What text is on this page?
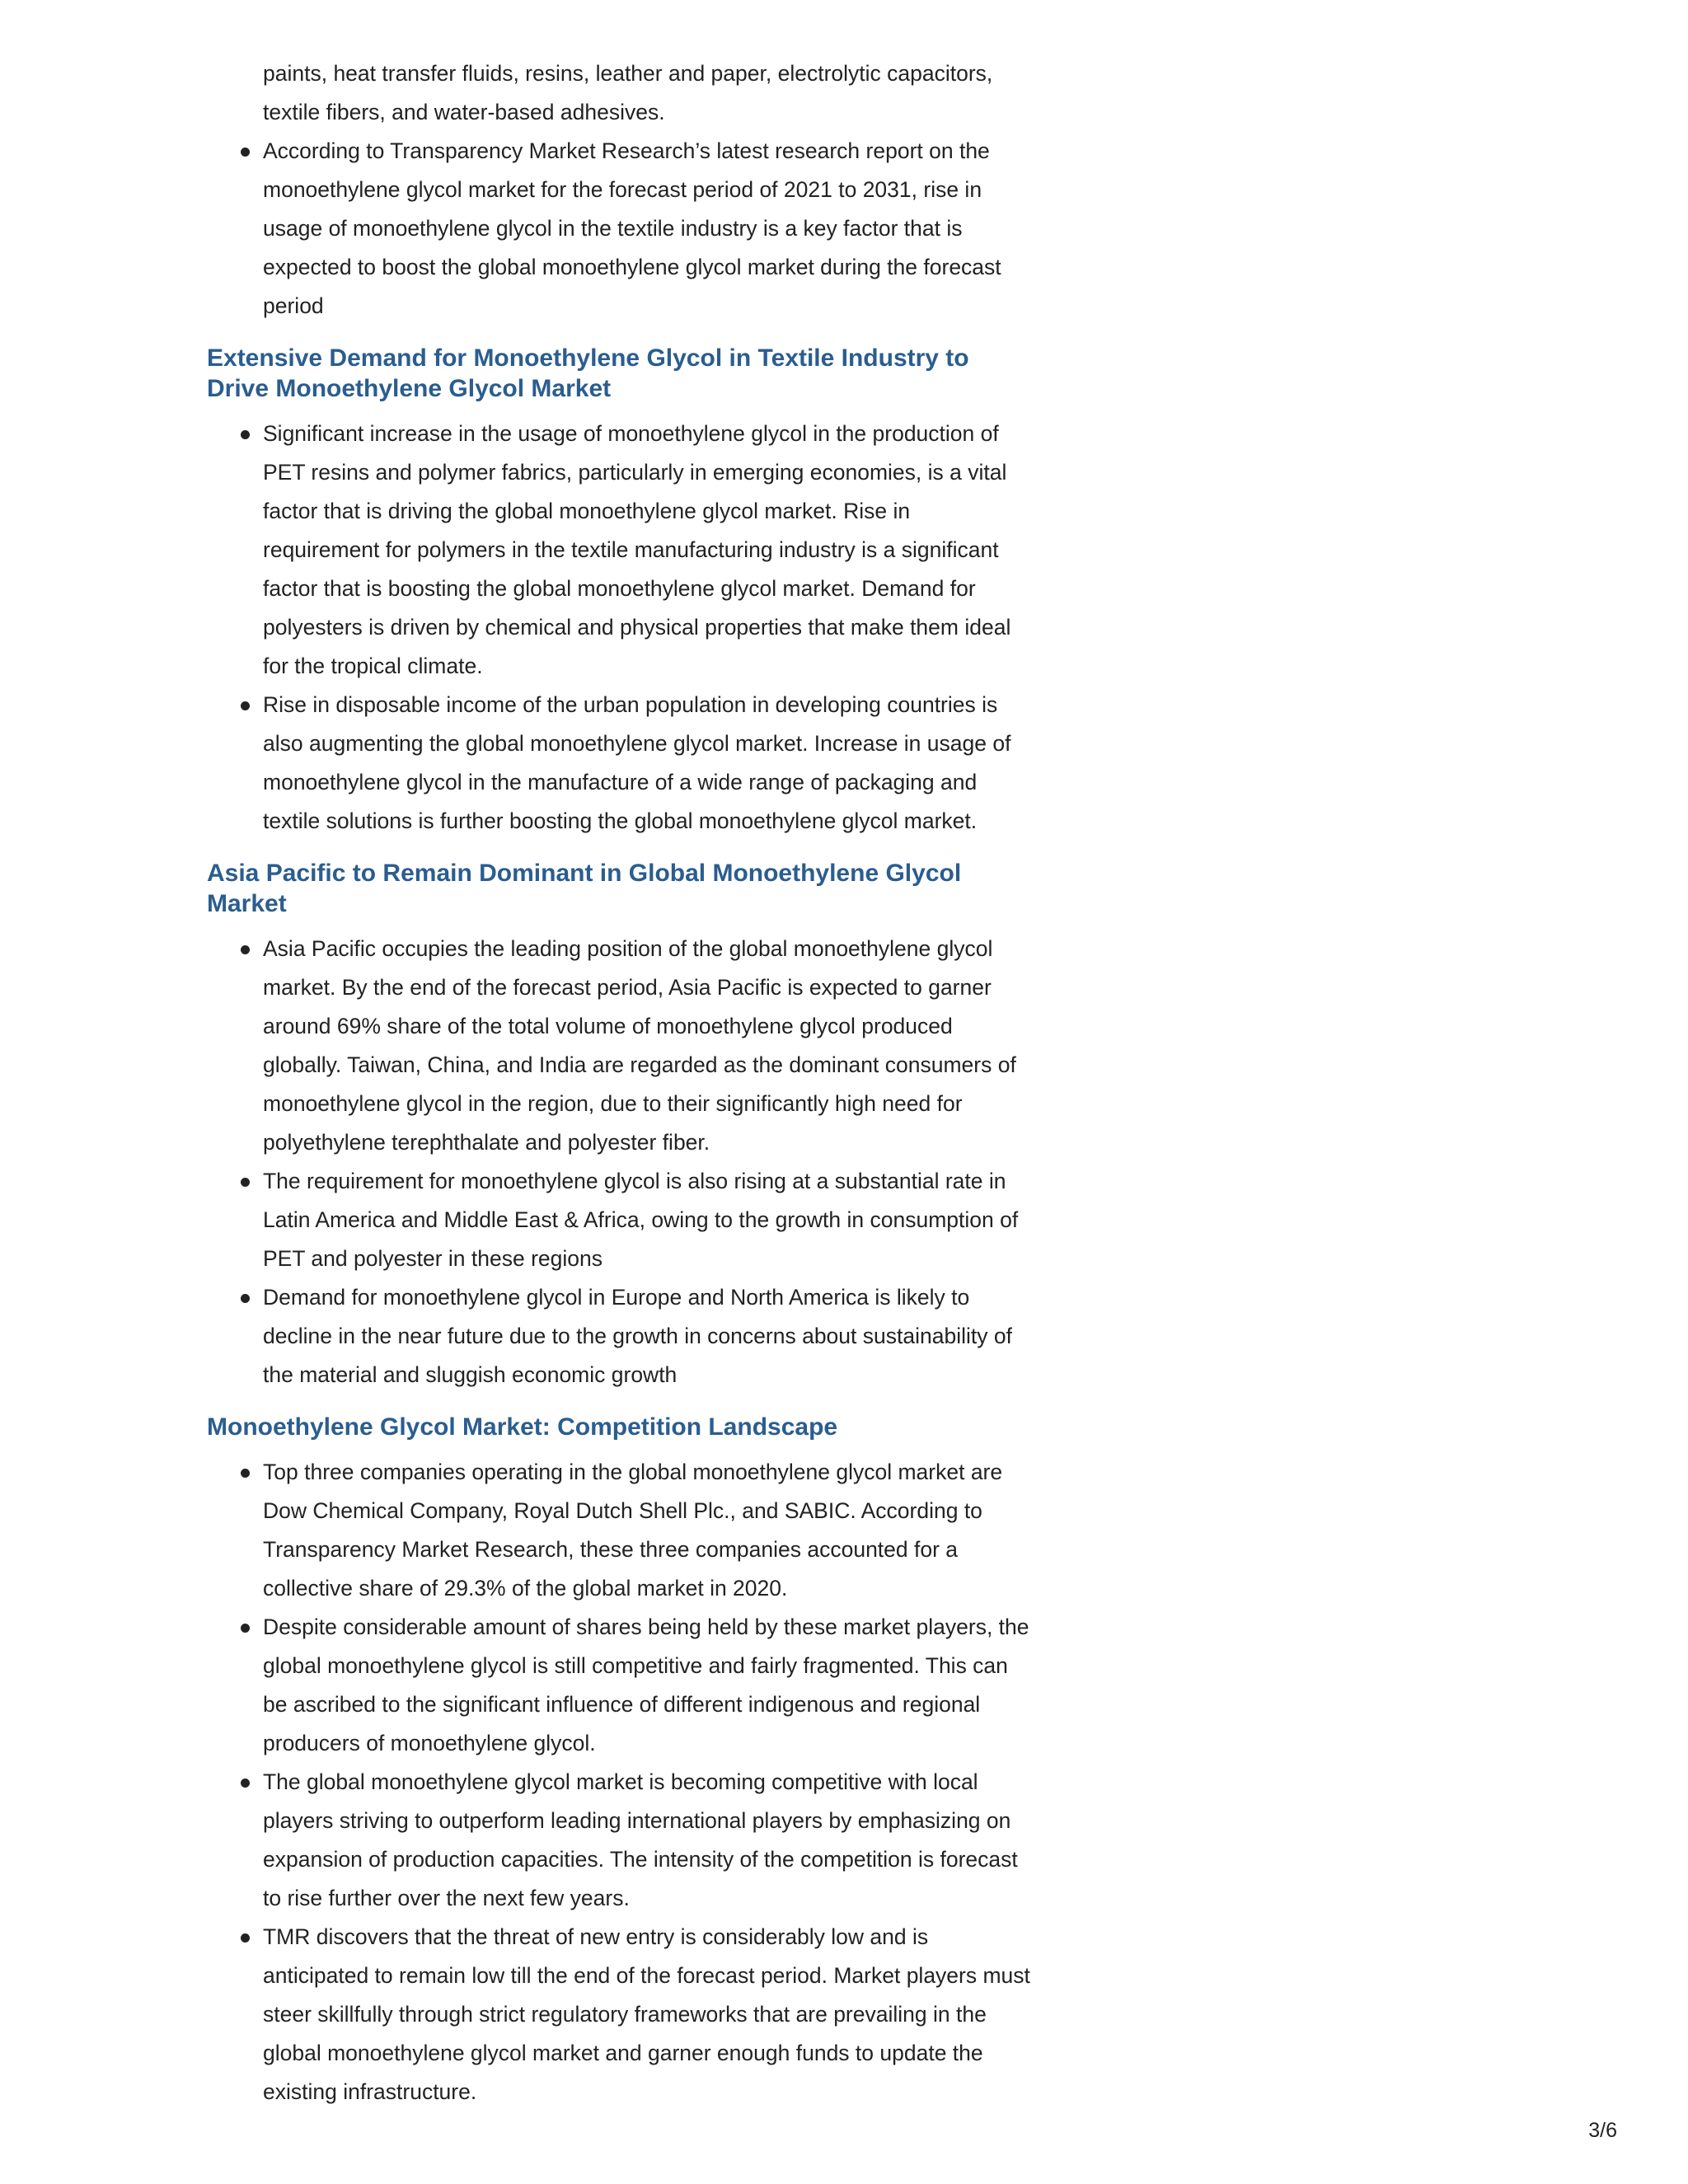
paints, heat transfer fluids, resins, leather and paper, electrolytic capacitors, textile fibers, and water-based adhesives.
According to Transparency Market Research’s latest research report on the monoethylene glycol market for the forecast period of 2021 to 2031, rise in usage of monoethylene glycol in the textile industry is a key factor that is expected to boost the global monoethylene glycol market during the forecast period
Extensive Demand for Monoethylene Glycol in Textile Industry to Drive Monoethylene Glycol Market
Significant increase in the usage of monoethylene glycol in the production of PET resins and polymer fabrics, particularly in emerging economies, is a vital factor that is driving the global monoethylene glycol market. Rise in requirement for polymers in the textile manufacturing industry is a significant factor that is boosting the global monoethylene glycol market. Demand for polyesters is driven by chemical and physical properties that make them ideal for the tropical climate.
Rise in disposable income of the urban population in developing countries is also augmenting the global monoethylene glycol market. Increase in usage of monoethylene glycol in the manufacture of a wide range of packaging and textile solutions is further boosting the global monoethylene glycol market.
Asia Pacific to Remain Dominant in Global Monoethylene Glycol Market
Asia Pacific occupies the leading position of the global monoethylene glycol market. By the end of the forecast period, Asia Pacific is expected to garner around 69% share of the total volume of monoethylene glycol produced globally. Taiwan, China, and India are regarded as the dominant consumers of monoethylene glycol in the region, due to their significantly high need for polyethylene terephthalate and polyester fiber.
The requirement for monoethylene glycol is also rising at a substantial rate in Latin America and Middle East & Africa, owing to the growth in consumption of PET and polyester in these regions
Demand for monoethylene glycol in Europe and North America is likely to decline in the near future due to the growth in concerns about sustainability of the material and sluggish economic growth
Monoethylene Glycol Market: Competition Landscape
Top three companies operating in the global monoethylene glycol market are Dow Chemical Company, Royal Dutch Shell Plc., and SABIC. According to Transparency Market Research, these three companies accounted for a collective share of 29.3% of the global market in 2020.
Despite considerable amount of shares being held by these market players, the global monoethylene glycol is still competitive and fairly fragmented. This can be ascribed to the significant influence of different indigenous and regional producers of monoethylene glycol.
The global monoethylene glycol market is becoming competitive with local players striving to outperform leading international players by emphasizing on expansion of production capacities. The intensity of the competition is forecast to rise further over the next few years.
TMR discovers that the threat of new entry is considerably low and is anticipated to remain low till the end of the forecast period. Market players must steer skillfully through strict regulatory frameworks that are prevailing in the global monoethylene glycol market and garner enough funds to update the existing infrastructure.
3/6
